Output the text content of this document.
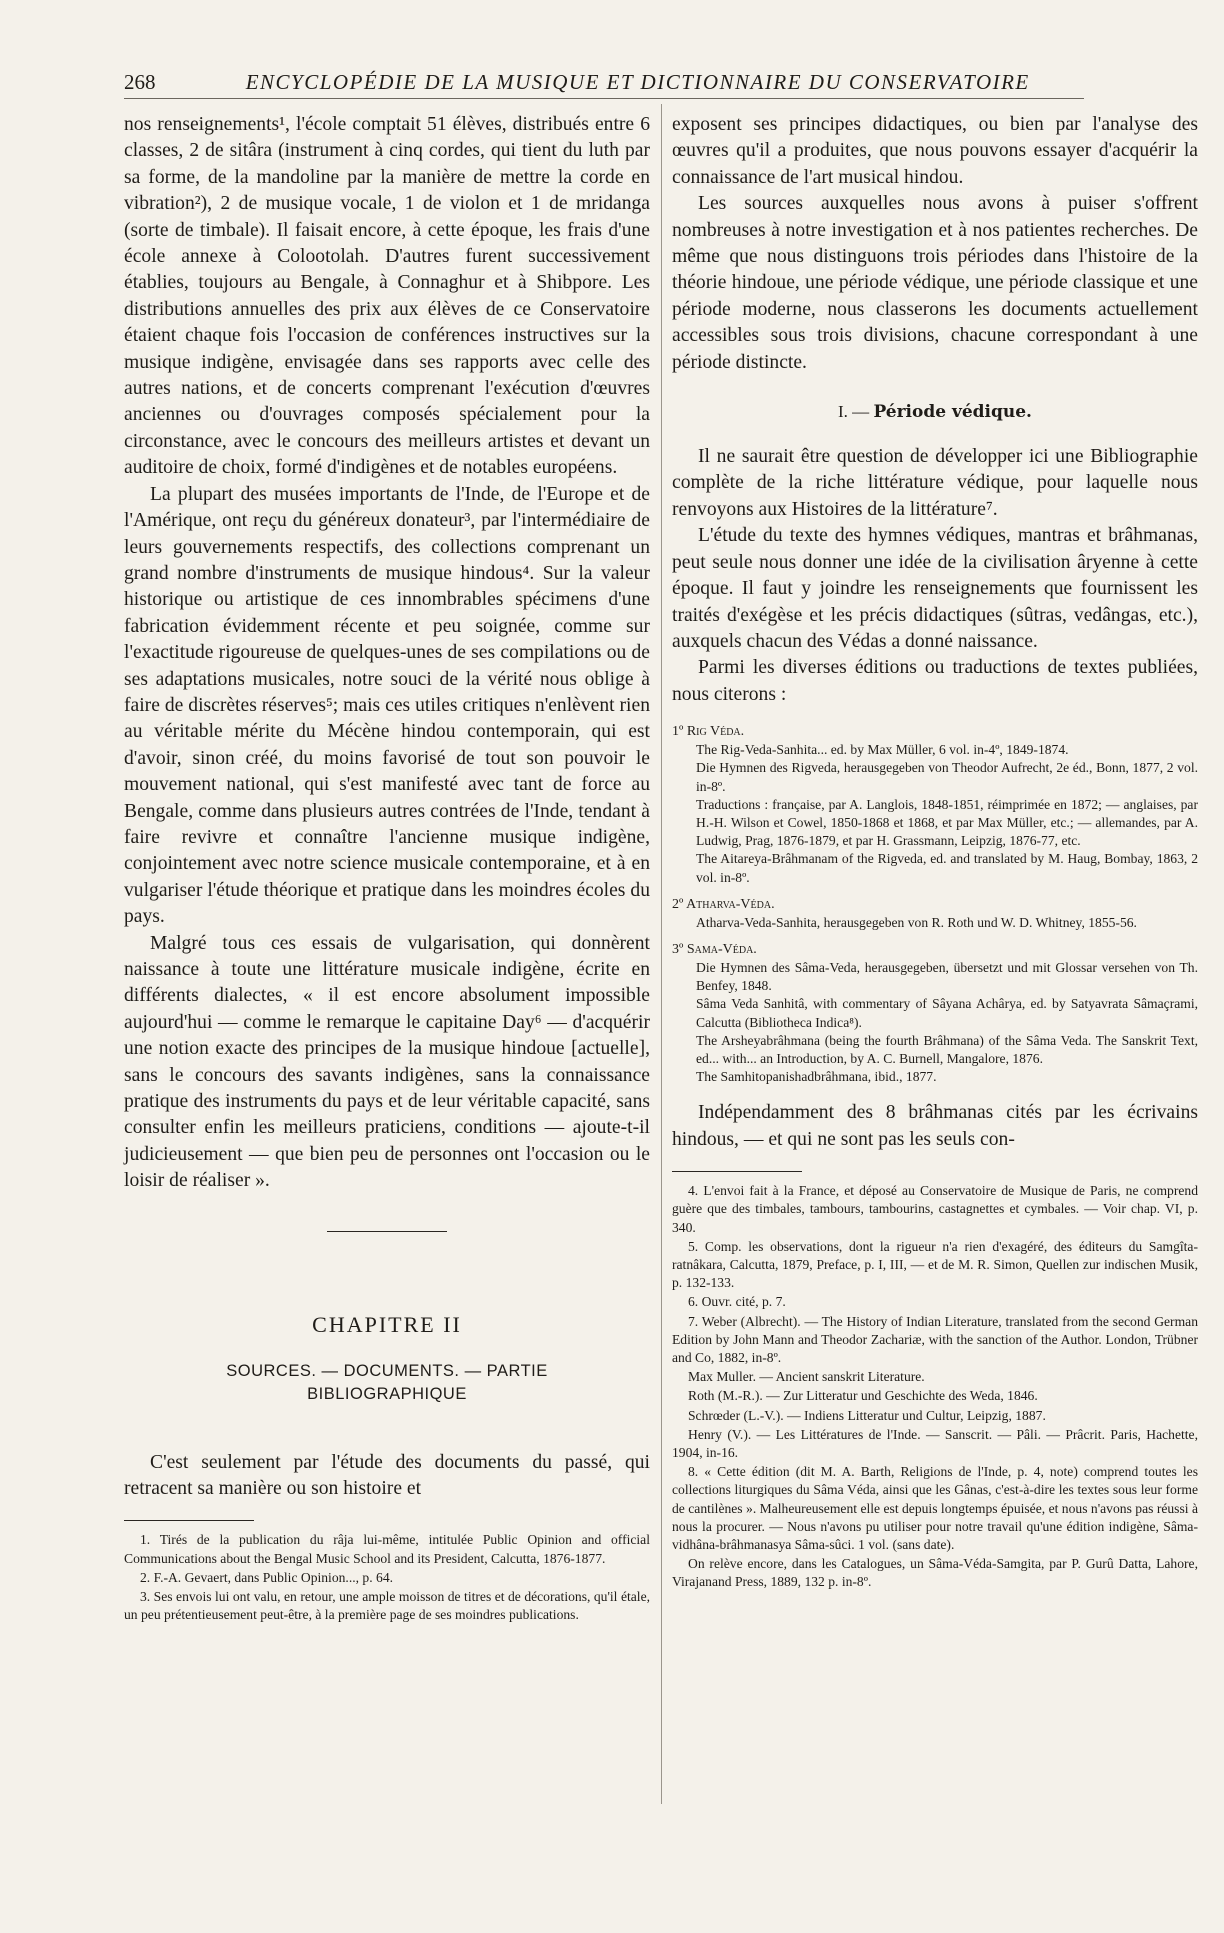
268	ENCYCLOPÉDIE DE LA MUSIQUE ET DICTIONNAIRE DU CONSERVATOIRE

nos renseignements¹, l'école comptait 51 élèves, distribués entre 6 classes, 2 de sitâra (instrument à cinq cordes, qui tient du luth par sa forme, de la mandoline par la manière de mettre la corde en vibration²), 2 de musique vocale, 1 de violon et 1 de mridanga (sorte de timbale). Il faisait encore, à cette époque, les frais d'une école annexe à Colootolah. D'autres furent successivement établies, toujours au Bengale, à Connaghur et à Shibpore. Les distributions annuelles des prix aux élèves de ce Conservatoire étaient chaque fois l'occasion de conférences instructives sur la musique indigène, envisagée dans ses rapports avec celle des autres nations, et de concerts comprenant l'exécution d'œuvres anciennes ou d'ouvrages composés spécialement pour la circonstance, avec le concours des meilleurs artistes et devant un auditoire de choix, formé d'indigènes et de notables européens.

La plupart des musées importants de l'Inde, de l'Europe et de l'Amérique, ont reçu du généreux donateur³, par l'intermédiaire de leurs gouvernements respectifs, des collections comprenant un grand nombre d'instruments de musique hindous⁴. Sur la valeur historique ou artistique de ces innombrables spécimens d'une fabrication évidemment récente et peu soignée, comme sur l'exactitude rigoureuse de quelques-unes de ses compilations ou de ses adaptations musicales, notre souci de la vérité nous oblige à faire de discrètes réserves⁵; mais ces utiles critiques n'enlèvent rien au véritable mérite du Mécène hindou contemporain, qui est d'avoir, sinon créé, du moins favorisé de tout son pouvoir le mouvement national, qui s'est manifesté avec tant de force au Bengale, comme dans plusieurs autres contrées de l'Inde, tendant à faire revivre et connaître l'ancienne musique indigène, conjointement avec notre science musicale contemporaine, et à en vulgariser l'étude théorique et pratique dans les moindres écoles du pays.

Malgré tous ces essais de vulgarisation, qui donnèrent naissance à toute une littérature musicale indigène, écrite en différents dialectes, « il est encore absolument impossible aujourd'hui — comme le remarque le capitaine Day⁶ — d'acquérir une notion exacte des principes de la musique hindoue [actuelle], sans le concours des savants indigènes, sans la connaissance pratique des instruments du pays et de leur véritable capacité, sans consulter enfin les meilleurs praticiens, conditions — ajoute-t-il judicieusement — que bien peu de personnes ont l'occasion ou le loisir de réaliser ».

CHAPITRE II
SOURCES. — DOCUMENTS. — PARTIE BIBLIOGRAPHIQUE

C'est seulement par l'étude des documents du passé, qui retracent sa manière ou son histoire et

1. Tirés de la publication du râja lui-même, intitulée Public Opinion and official Communications about the Bengal Music School and its President, Calcutta, 1876-1877.

2. F.-A. Gevaert, dans Public Opinion..., p. 64.

3. Ses envois lui ont valu, en retour, une ample moisson de titres et de décorations, qu'il étale, un peu prétentieusement peut-être, à la première page de ses moindres publications.

exposent ses principes didactiques, ou bien par l'analyse des œuvres qu'il a produites, que nous pouvons essayer d'acquérir la connaissance de l'art musical hindou.

Les sources auxquelles nous avons à puiser s'offrent nombreuses à notre investigation et à nos patientes recherches. De même que nous distinguons trois périodes dans l'histoire de la théorie hindoue, une période védique, une période classique et une période moderne, nous classerons les documents actuellement accessibles sous trois divisions, chacune correspondant à une période distincte.

I. — Période védique.

Il ne saurait être question de développer ici une Bibliographie complète de la riche littérature védique, pour laquelle nous renvoyons aux Histoires de la littérature⁷.

L'étude du texte des hymnes védiques, mantras et brâhmanas, peut seule nous donner une idée de la civilisation âryenne à cette époque. Il faut y joindre les renseignements que fournissent les traités d'exégèse et les précis didactiques (sûtras, vedângas, etc.), auxquels chacun des Védas a donné naissance.

Parmi les diverses éditions ou traductions de textes publiées, nous citerons :

1º Rig Véda.

The Rig-Veda-Sanhita... ed. by Max Müller, 6 vol. in-4º, 1849-1874.

Die Hymnen des Rigveda, herausgegeben von Theodor Aufrecht, 2e éd., Bonn, 1877, 2 vol. in-8º.

Traductions : française, par A. Langlois, 1848-1851, réimprimée en 1872; — anglaises, par H.-H. Wilson et Cowel, 1850-1868 et 1868, et par Max Müller, etc.; — allemandes, par A. Ludwig, Prag, 1876-1879, et par H. Grassmann, Leipzig, 1876-77, etc.

The Aitareya-Brâhmanam of the Rigveda, ed. and translated by M. Haug, Bombay, 1863, 2 vol. in-8º.

2º Atharva-Véda.

Atharva-Veda-Sanhita, herausgegeben von R. Roth und W. D. Whitney, 1855-56.

3º Sama-Véda.

Die Hymnen des Sâma-Veda, herausgegeben, übersetzt und mit Glossar versehen von Th. Benfey, 1848.

Sâma Veda Sanhitâ, with commentary of Sâyana Achârya, ed. by Satyavrata Sâmaçrami, Calcutta (Bibliotheca Indica⁸).

The Arsheyabrâhmana (being the fourth Brâhmana) of the Sâma Veda. The Sanskrit Text, ed... with... an Introduction, by A. C. Burnell, Mangalore, 1876.

The Samhitopanishadbrâhmana, ibid., 1877.

Indépendamment des 8 brâhmanas cités par les écrivains hindous, — et qui ne sont pas les seuls con-

4. L'envoi fait à la France, et déposé au Conservatoire de Musique de Paris, ne comprend guère que des timbales, tambours, tambourins, castagnettes et cymbales. — Voir chap. VI, p. 340.

5. Comp. les observations, dont la rigueur n'a rien d'exagéré, des éditeurs du Samgîta-ratnâkara, Calcutta, 1879, Preface, p. I, III, — et de M. R. Simon, Quellen zur indischen Musik, p. 132-133.

6. Ouvr. cité, p. 7.

7. Weber (Albrecht). — The History of Indian Literature, translated from the second German Edition by John Mann and Theodor Zachariæ, with the sanction of the Author. London, Trübner and Co, 1882, in-8º.

Max Muller. — Ancient sanskrit Literature.

Roth (M.-R.). — Zur Litteratur und Geschichte des Weda, 1846.

Schrœder (L.-V.). — Indiens Litteratur und Cultur, Leipzig, 1887.

Henry (V.). — Les Littératures de l'Inde. — Sanscrit. — Pâli. — Prâcrit. Paris, Hachette, 1904, in-16.

8. « Cette édition (dit M. A. Barth, Religions de l'Inde, p. 4, note) comprend toutes les collections liturgiques du Sâma Véda, ainsi que les Gânas, c'est-à-dire les textes sous leur forme de cantilènes ». Malheureusement elle est depuis longtemps épuisée, et nous n'avons pas réussi à nous la procurer. — Nous n'avons pu utiliser pour notre travail qu'une édition indigène, Sâma-vidhâna-brâhmanasya Sâma-sûci. 1 vol. (sans date).

On relève encore, dans les Catalogues, un Sâma-Véda-Samgita, par P. Gurû Datta, Lahore, Virajanand Press, 1889, 132 p. in-8º.
